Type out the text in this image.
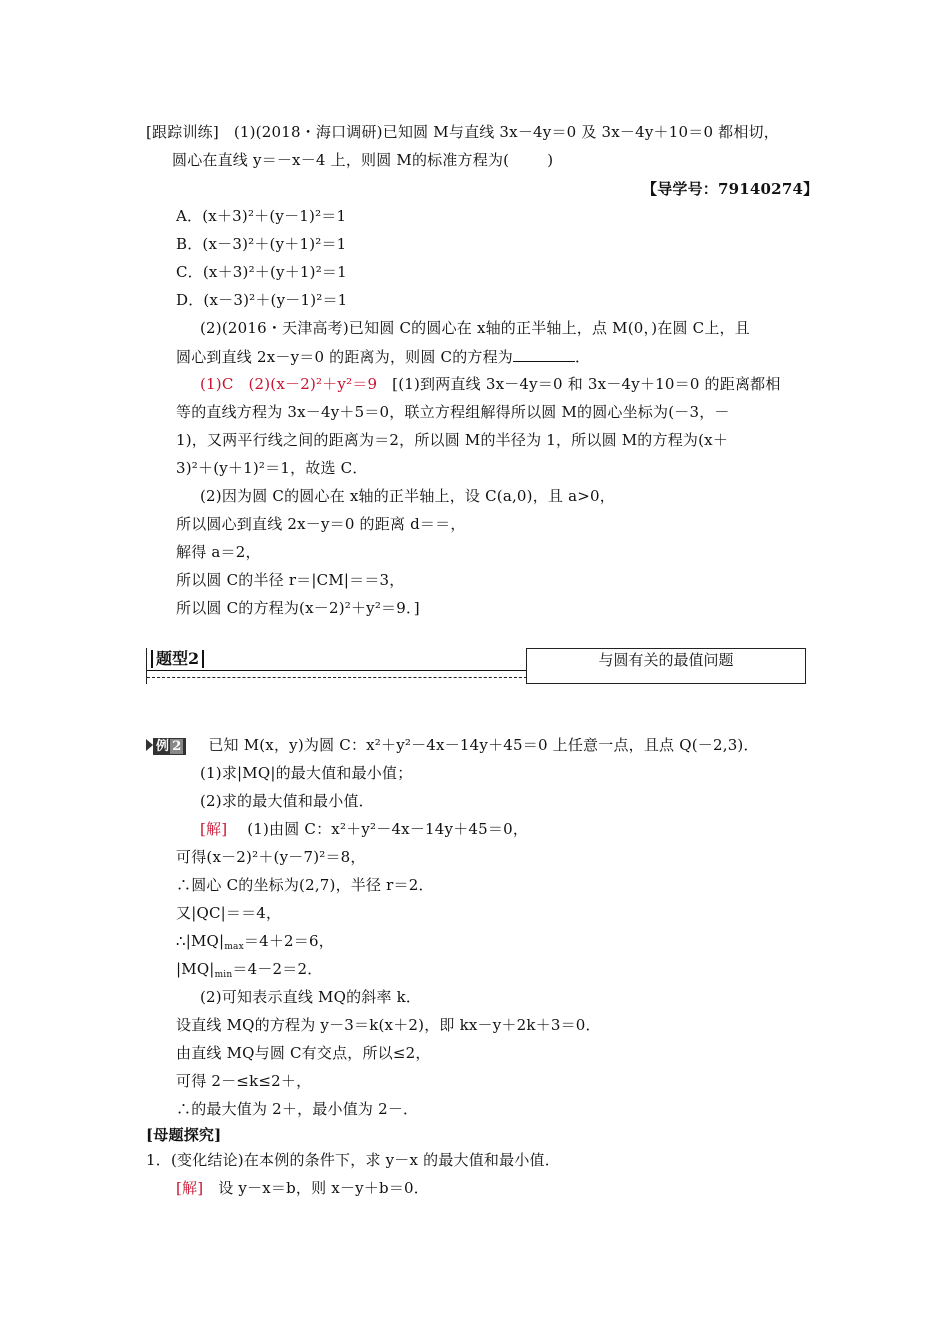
[跟踪训练] (1)(2018・海口调研)已知圆 M与直线 3x－4y＝0 及 3x－4y＋10＝0 都相切，
圆心在直线 y＝－x－4 上，则圆 M的标准方程为(	)
【导学号：79140274】
A．(x＋3)²＋(y－1)²＝1
B．(x－3)²＋(y＋1)²＝1
C．(x＋3)²＋(y＋1)²＝1
D．(x－3)²＋(y－1)²＝1
(2)(2016・天津高考)已知圆 C的圆心在 x轴的正半轴上，点 M(0，)在圆 C上，且
圆心到直线 2x－y＝0 的距离为，则圆 C的方程为	．
(1)C (2)(x－2)²＋y²＝9 [(1)到两直线 3x－4y＝0 和 3x－4y＋10＝0 的距离都相
等的直线方程为 3x－4y＋5＝0，联立方程组解得所以圆 M的圆心坐标为(－3，－
1)，又两平行线之间的距离为＝2，所以圆 M的半径为 1，所以圆 M的方程为(x＋
3)²＋(y＋1)²＝1，故选 C．
(2)因为圆 C的圆心在 x轴的正半轴上，设 C(a,0)，且 a>0，
所以圆心到直线 2x－y＝0 的距离 d＝＝，
解得 a＝2，
所以圆 C的半径 r＝|CM|＝＝3，
所以圆 C的方程为(x－2)²＋y²＝9．]
题型2	与圆有关的最值问题
例 2 已知 M(x，y)为圆 C：x²＋y²－4x－14y＋45＝0 上任意一点，且点 Q(－2,3)．
(1)求|MQ|的最大值和最小值；
(2)求的最大值和最小值．
[解] (1)由圆 C：x²＋y²－4x－14y＋45＝0，
可得(x－2)²＋(y－7)²＝8，
∴圆心 C的坐标为(2,7)，半径 r＝2．
又|QC|＝＝4，
$\therefore|MQ|_{max}=4+2=6$，
$|MQ|_{min}=4-2=2$．
(2)可知表示直线 MQ的斜率 k．
设直线 MQ的方程为 y－3＝k(x＋2)，即 kx－y＋2k＋3＝0．
由直线 MQ与圆 C有交点，所以≤2，
可得 2－≤k≤2＋，
∴的最大值为 2＋，最小值为 2－．
[母题探究]
1．(变化结论)在本例的条件下，求 y－x 的最大值和最小值．
[解] 设 y－x＝b，则 x－y＋b＝0．
